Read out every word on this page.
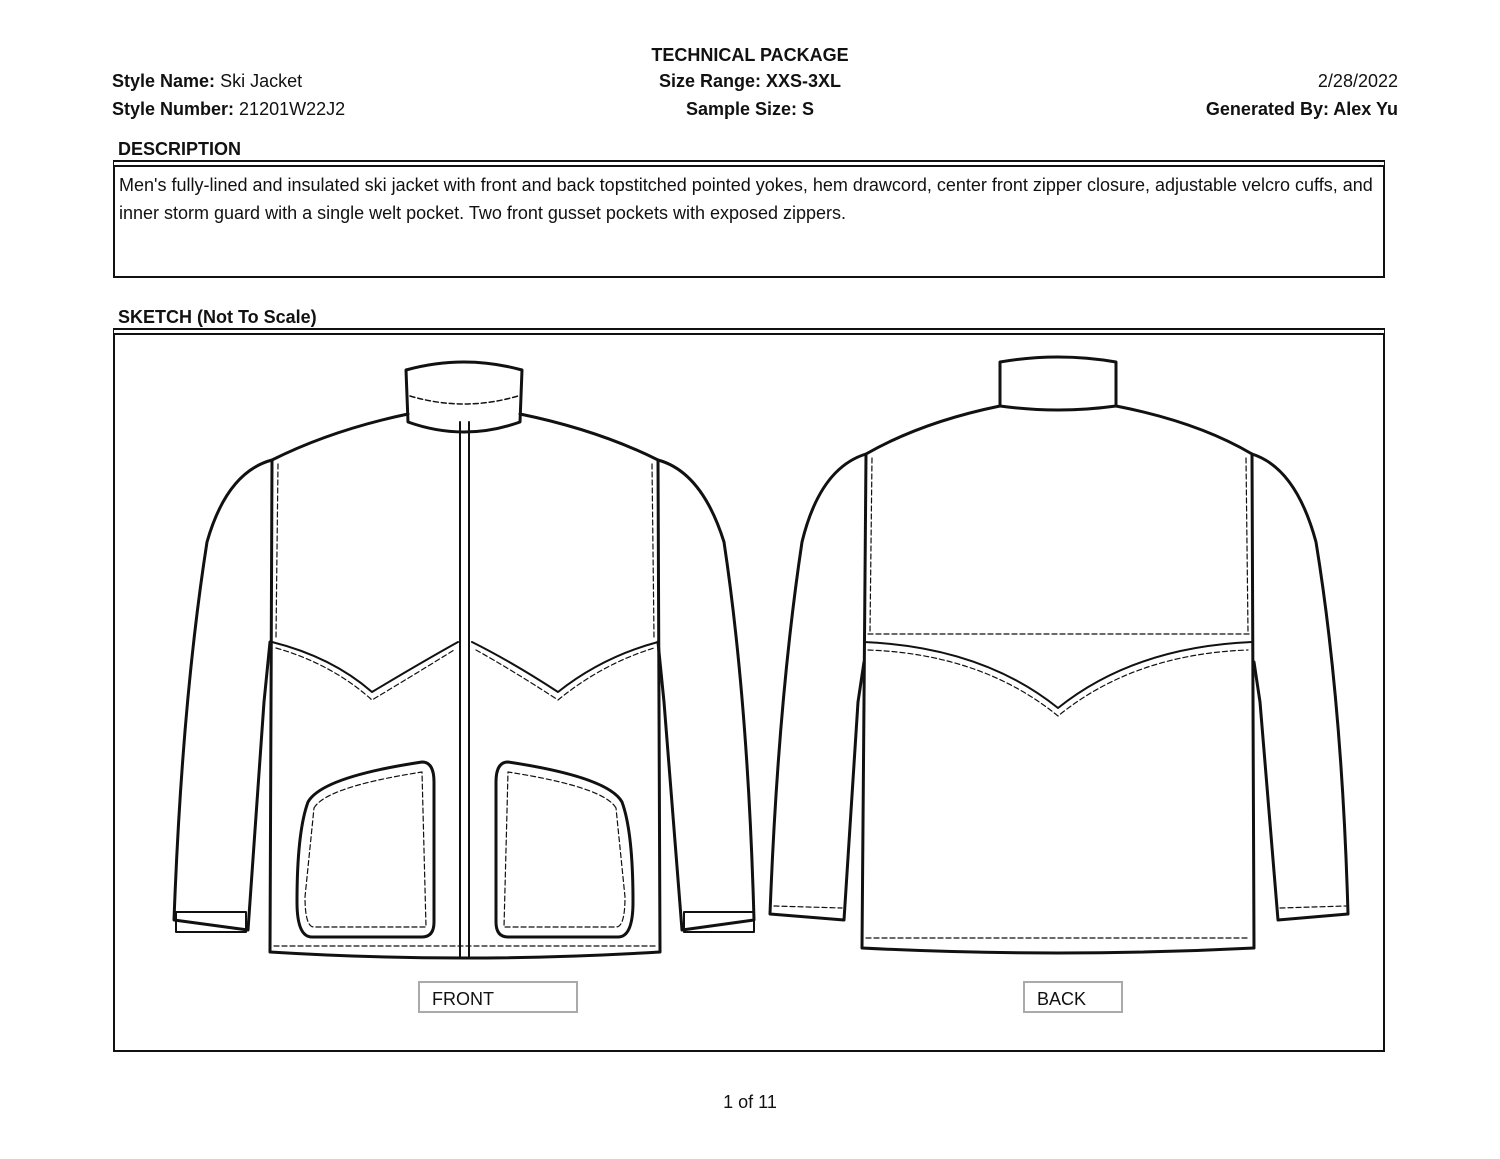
TECHNICAL PACKAGE
Style Name: Ski Jacket
Style Number: 21201W22J2
Size Range: XXS-3XL
Sample Size: S
2/28/2022
Generated By: Alex Yu
DESCRIPTION
Men's fully-lined and insulated ski jacket with front and back topstitched pointed yokes, hem drawcord, center front zipper closure, adjustable velcro cuffs, and inner storm guard with a single welt pocket. Two front gusset pockets with exposed zippers.
SKETCH (Not To Scale)
FRONT	BACK
1 of 11
